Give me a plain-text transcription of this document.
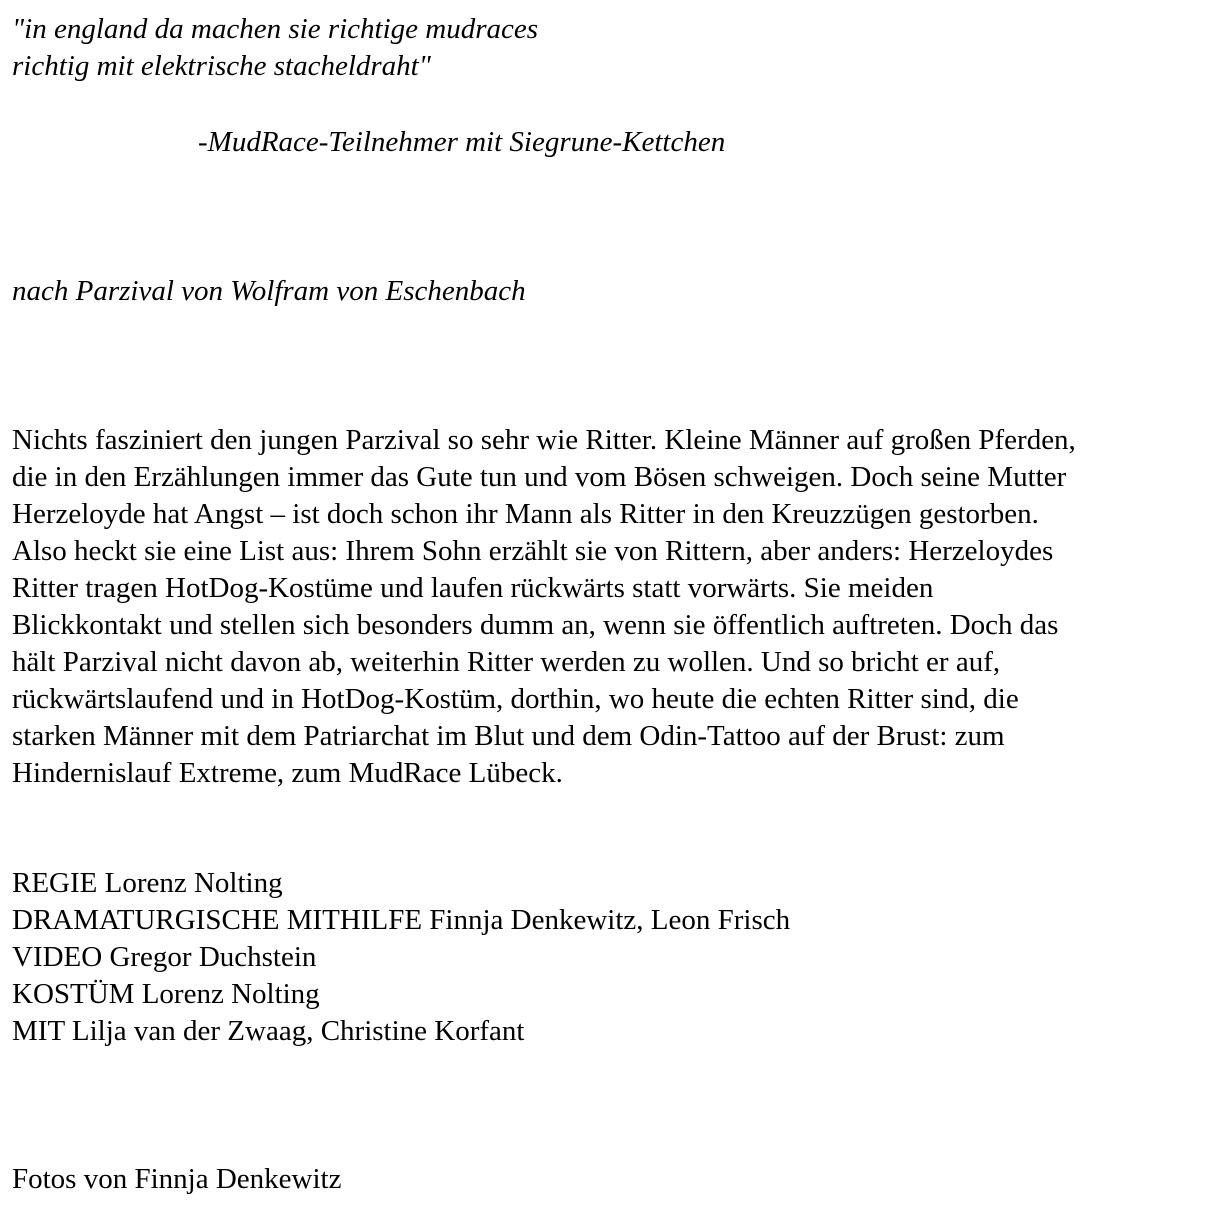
"in england da machen sie richtige mudraces
richtig mit elektrische stacheldraht"
-MudRace-Teilnehmer mit Siegrune-Kettchen
nach Parzival von Wolfram von Eschenbach
Nichts fasziniert den jungen Parzival so sehr wie Ritter. Kleine Männer auf großen Pferden,
die in den Erzählungen immer das Gute tun und vom Bösen schweigen. Doch seine Mutter
Herzeloyde hat Angst – ist doch schon ihr Mann als Ritter in den Kreuzzügen gestorben.
Also heckt sie eine List aus: Ihrem Sohn erzählt sie von Rittern, aber anders: Herzeloydes
Ritter tragen HotDog-Kostüme und laufen rückwärts statt vorwärts. Sie meiden
Blickkontakt und stellen sich besonders dumm an, wenn sie öffentlich auftreten. Doch das
hält Parzival nicht davon ab, weiterhin Ritter werden zu wollen. Und so bricht er auf,
rückwärtslaufend und in HotDog-Kostüm, dorthin, wo heute die echten Ritter sind, die
starken Männer mit dem Patriarchat im Blut und dem Odin-Tattoo auf der Brust: zum
Hindernislauf Extreme, zum MudRace Lübeck.
REGIE Lorenz Nolting
DRAMATURGISCHE MITHILFE Finnja Denkewitz, Leon Frisch
VIDEO Gregor Duchstein
KOSTÜM Lorenz Nolting
MIT Lilja van der Zwaag, Christine Korfant
Fotos von Finnja Denkewitz
